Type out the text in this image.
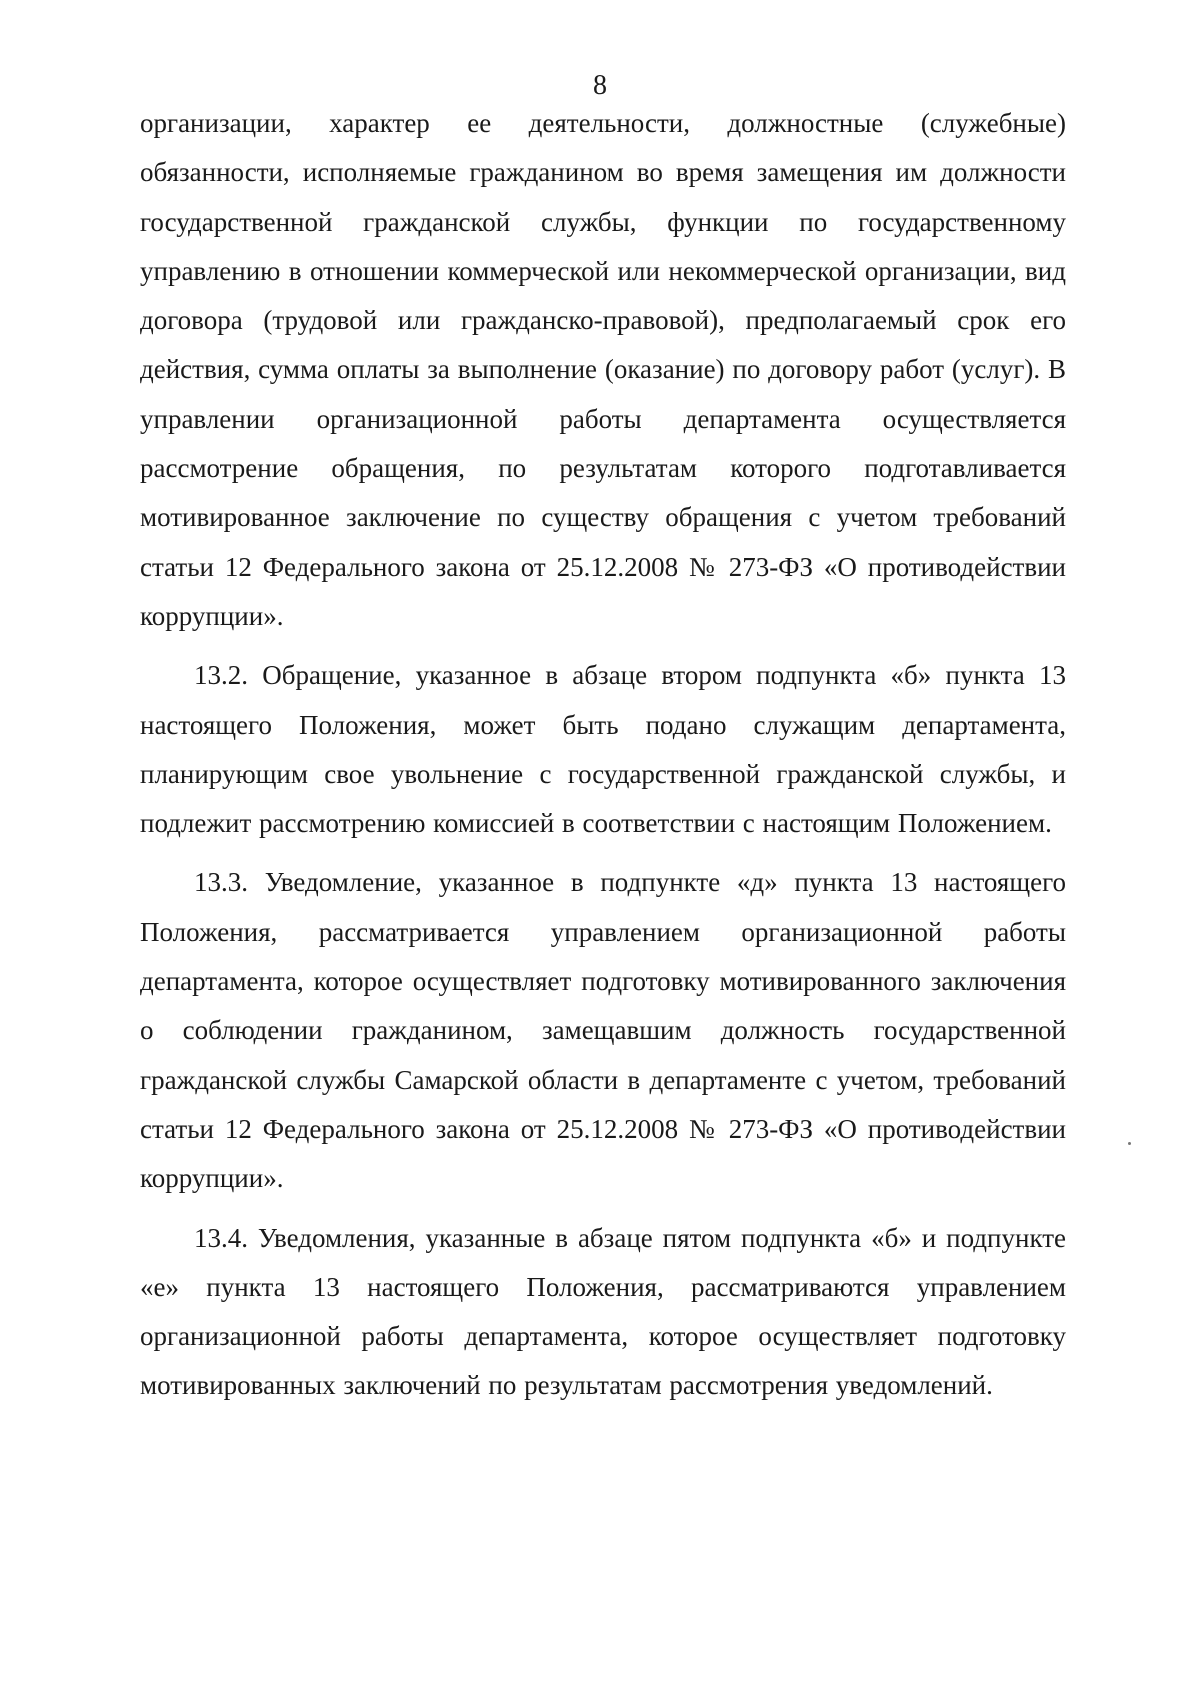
8

организации, характер ее деятельности, должностные (служебные) обязанности, исполняемые гражданином во время замещения им должности государственной гражданской службы, функции по государственному управлению в отношении коммерческой или некоммерческой организации, вид договора (трудовой или гражданско-правовой), предполагаемый срок его действия, сумма оплаты за выполнение (оказание) по договору работ (услуг). В управлении организационной работы департамента осуществляется рассмотрение обращения, по результатам которого подготавливается мотивированное заключение по существу обращения с учетом требований статьи 12 Федерального закона от 25.12.2008 № 273-ФЗ «О противодействии коррупции».

13.2. Обращение, указанное в абзаце втором подпункта «б» пункта 13 настоящего Положения, может быть подано служащим департамента, планирующим свое увольнение с государственной гражданской службы, и подлежит рассмотрению комиссией в соответствии с настоящим Положением.

13.3. Уведомление, указанное в подпункте «д» пункта 13 настоящего Положения, рассматривается управлением организационной работы департамента, которое осуществляет подготовку мотивированного заключения о соблюдении гражданином, замещавшим должность государственной гражданской службы Самарской области в департаменте с учетом, требований статьи 12 Федерального закона от 25.12.2008 № 273-ФЗ «О противодействии коррупции».

13.4. Уведомления, указанные в абзаце пятом подпункта «б» и подпункте «е» пункта 13 настоящего Положения, рассматриваются управлением организационной работы департамента, которое осуществляет подготовку мотивированных заключений по результатам рассмотрения уведомлений.
